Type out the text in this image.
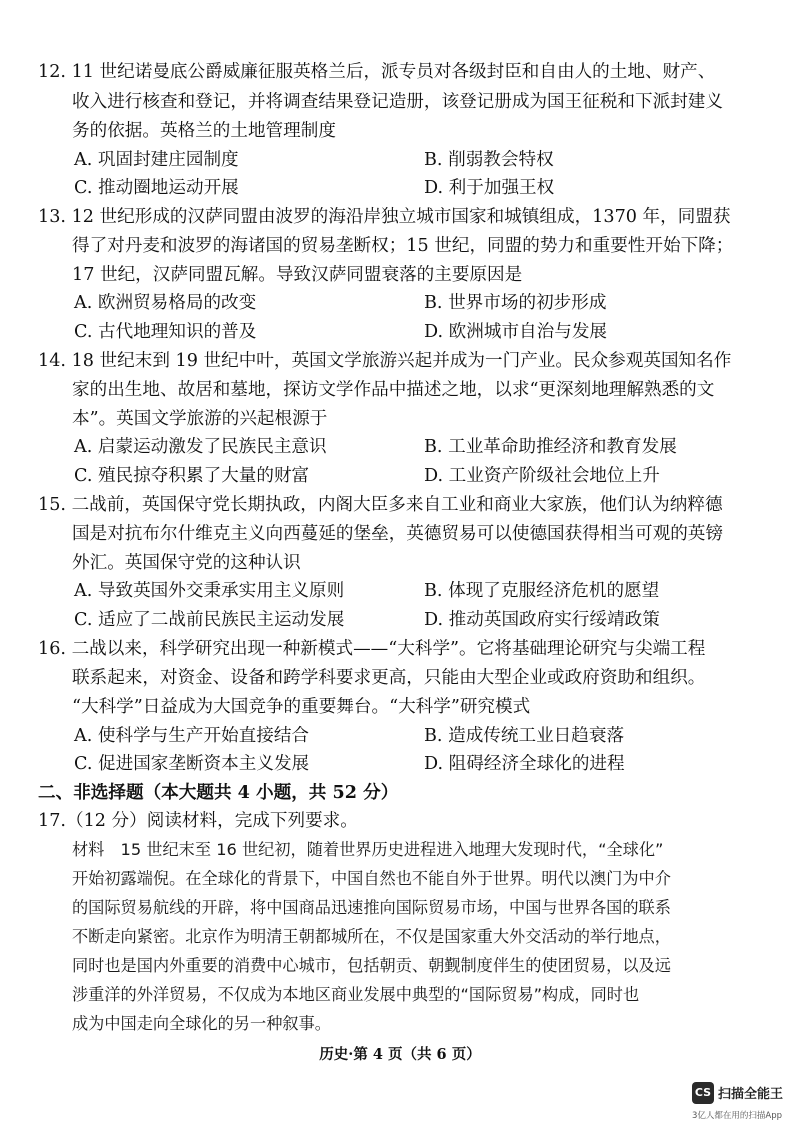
12. 11 世纪诺曼底公爵威廉征服英格兰后，派专员对各级封臣和自由人的土地、财产、
收入进行核查和登记，并将调查结果登记造册，该登记册成为国王征税和下派封建义
务的依据。英格兰的土地管理制度
A. 巩固封建庄园制度	B. 削弱教会特权
C. 推动圈地运动开展	D. 利于加强王权
13. 12 世纪形成的汉萨同盟由波罗的海沿岸独立城市国家和城镇组成，1370 年，同盟获
得了对丹麦和波罗的海诸国的贸易垄断权；15 世纪，同盟的势力和重要性开始下降；
17 世纪，汉萨同盟瓦解。导致汉萨同盟衰落的主要原因是
A. 欧洲贸易格局的改变	B. 世界市场的初步形成
C. 古代地理知识的普及	D. 欧洲城市自治与发展
14. 18 世纪末到 19 世纪中叶，英国文学旅游兴起并成为一门产业。民众参观英国知名作
家的出生地、故居和墓地，探访文学作品中描述之地，以求“更深刻地理解熟悉的文
本”。英国文学旅游的兴起根源于
A. 启蒙运动激发了民族民主意识	B. 工业革命助推经济和教育发展
C. 殖民掠夺积累了大量的财富	D. 工业资产阶级社会地位上升
15. 二战前，英国保守党长期执政，内阁大臣多来自工业和商业大家族，他们认为纳粹德
国是对抗布尔什维克主义向西蔓延的堡垒，英德贸易可以使德国获得相当可观的英镑
外汇。英国保守党的这种认识
A. 导致英国外交秉承实用主义原则	B. 体现了克服经济危机的愿望
C. 适应了二战前民族民主运动发展	D. 推动英国政府实行绥靖政策
16. 二战以来，科学研究出现一种新模式——“大科学”。它将基础理论研究与尖端工程
联系起来，对资金、设备和跨学科要求更高，只能由大型企业或政府资助和组织。
“大科学”日益成为大国竞争的重要舞台。“大科学”研究模式
A. 使科学与生产开始直接结合	B. 造成传统工业日趋衰落
C. 促进国家垄断资本主义发展	D. 阻碍经济全球化的进程
二、非选择题（本大题共 4 小题，共 52 分）
17.（12 分）阅读材料，完成下列要求。
材料　15 世纪末至 16 世纪初，随着世界历史进程进入地理大发现时代，“全球化”
开始初露端倪。在全球化的背景下，中国自然也不能自外于世界。明代以澳门为中介
的国际贸易航线的开辟，将中国商品迅速推向国际贸易市场，中国与世界各国的联系
不断走向紧密。北京作为明清王朝都城所在，不仅是国家重大外交活动的举行地点，
同时也是国内外重要的消费中心城市，包括朝贡、朝觐制度伴生的使团贸易，以及远
涉重洋的外洋贸易，不仅成为本地区商业发展中典型的“国际贸易”构成，同时也
成为中国走向全球化的另一种叙事。
历史·第 4 页（共 6 页）
CS 扫描全能王
3亿人都在用的扫描App
